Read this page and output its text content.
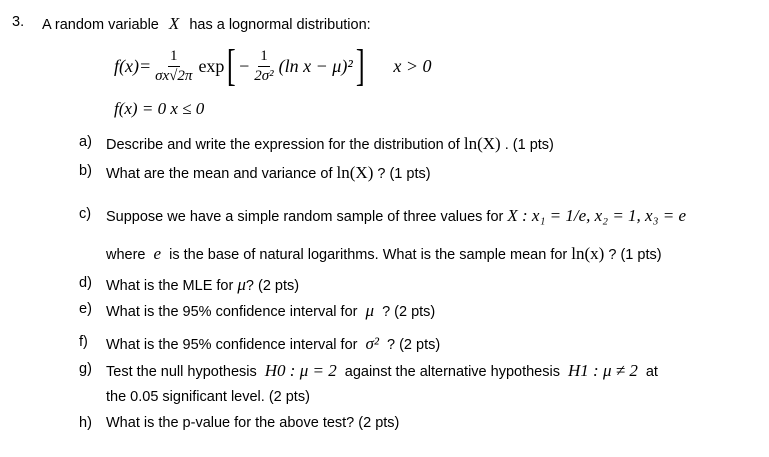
3. A random variable X has a lognormal distribution:
$f(x)= \frac{1}{\sigma x√2\pi}$ exp [ − $\frac{1}{\text{2σ²}} (\ln$ x − μ)² ] x > 0
f(x) = 0 x ≤ 0
a) Describe and write the expression for the distribution of ln(X) . (1 pts)
b) What are the mean and variance of ln(X) ? (1 pts)
c) Suppose we have a simple random sample of three values for X : x₁ = 1/e, x₂ = 1, x₃ = e
where e is the base of natural logarithms. What is the sample mean for ln(x) ? (1 pts)
d) What is the MLE for μ? (2 pts)
e) What is the 95% confidence interval for μ ? (2 pts)
f) What is the 95% confidence interval for σ² ? (2 pts)
g) Test the null hypothesis H0 : μ = 2 against the alternative hypothesis H1 : μ ≠ 2 at
the 0.05 significant level. (2 pts)
h) What is the p-value for the above test? (2 pts)
